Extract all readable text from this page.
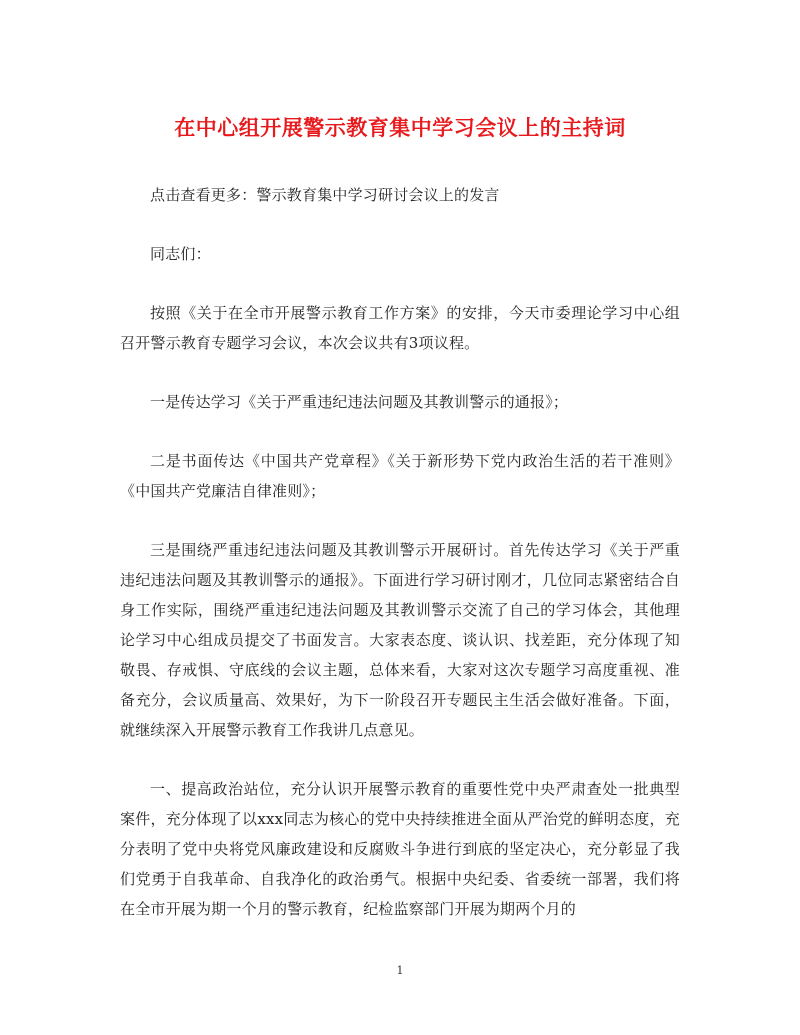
在中心组开展警示教育集中学习会议上的主持词

点击查看更多：警示教育集中学习研讨会议上的发言

同志们：

按照《关于在全市开展警示教育工作方案》的安排，今天市委理论学习中心组召开警示教育专题学习会议，本次会议共有3项议程。

一是传达学习《关于严重违纪违法问题及其教训警示的通报》；

二是书面传达《中国共产党章程》《关于新形势下党内政治生活的若干准则》《中国共产党廉洁自律准则》；

三是围绕严重违纪违法问题及其教训警示开展研讨。首先传达学习《关于严重违纪违法问题及其教训警示的通报》。下面进行学习研讨刚才，几位同志紧密结合自身工作实际，围绕严重违纪违法问题及其教训警示交流了自己的学习体会，其他理论学习中心组成员提交了书面发言。大家表态度、谈认识、找差距，充分体现了知敬畏、存戒惧、守底线的会议主题，总体来看，大家对这次专题学习高度重视、准备充分，会议质量高、效果好，为下一阶段召开专题民主生活会做好准备。下面，就继续深入开展警示教育工作我讲几点意见。

一、提高政治站位，充分认识开展警示教育的重要性党中央严肃查处一批典型案件，充分体现了以xxx同志为核心的党中央持续推进全面从严治党的鲜明态度，充分表明了党中央将党风廉政建设和反腐败斗争进行到底的坚定决心，充分彰显了我们党勇于自我革命、自我净化的政治勇气。根据中央纪委、省委统一部署，我们将在全市开展为期一个月的警示教育，纪检监察部门开展为期两个月的

1
